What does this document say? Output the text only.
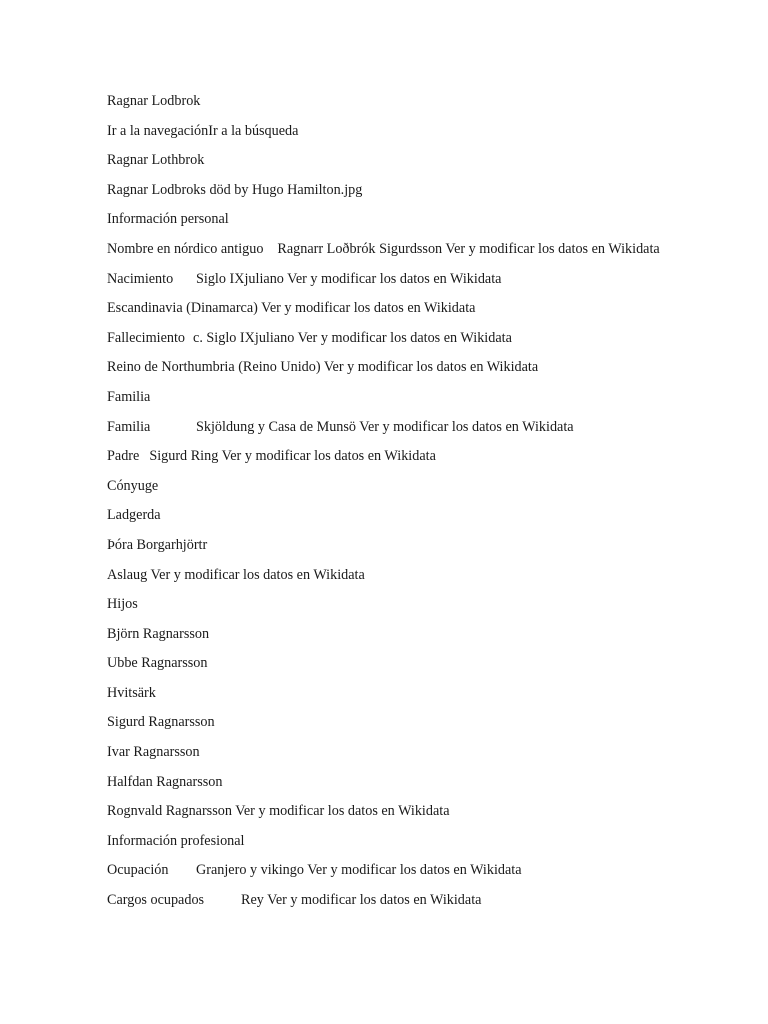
Ragnar Lodbrok
Ir a la navegaciónIr a la búsqueda
Ragnar Lothbrok
Ragnar Lodbroks död by Hugo Hamilton.jpg
Información personal
Nombre en nórdico antiguo Ragnarr Loðbrók Sigurdsson Ver y modificar los datos en Wikidata
Nacimiento Siglo IXjuliano Ver y modificar los datos en Wikidata
Escandinavia (Dinamarca) Ver y modificar los datos en Wikidata
Fallecimiento c. Siglo IXjuliano Ver y modificar los datos en Wikidata
Reino de Northumbria (Reino Unido) Ver y modificar los datos en Wikidata
Familia
Familia	Skjöldung y Casa de Munsö Ver y modificar los datos en Wikidata
Padre Sigurd Ring Ver y modificar los datos en Wikidata
Cónyuge
Ladgerda
Þóra Borgarhjörtr
Aslaug Ver y modificar los datos en Wikidata
Hijos
Björn Ragnarsson
Ubbe Ragnarsson
Hvitsärk
Sigurd Ragnarsson
Ivar Ragnarsson
Halfdan Ragnarsson
Rognvald Ragnarsson Ver y modificar los datos en Wikidata
Información profesional
Ocupación Granjero y vikingo Ver y modificar los datos en Wikidata
Cargos ocupados	Rey Ver y modificar los datos en Wikidata
